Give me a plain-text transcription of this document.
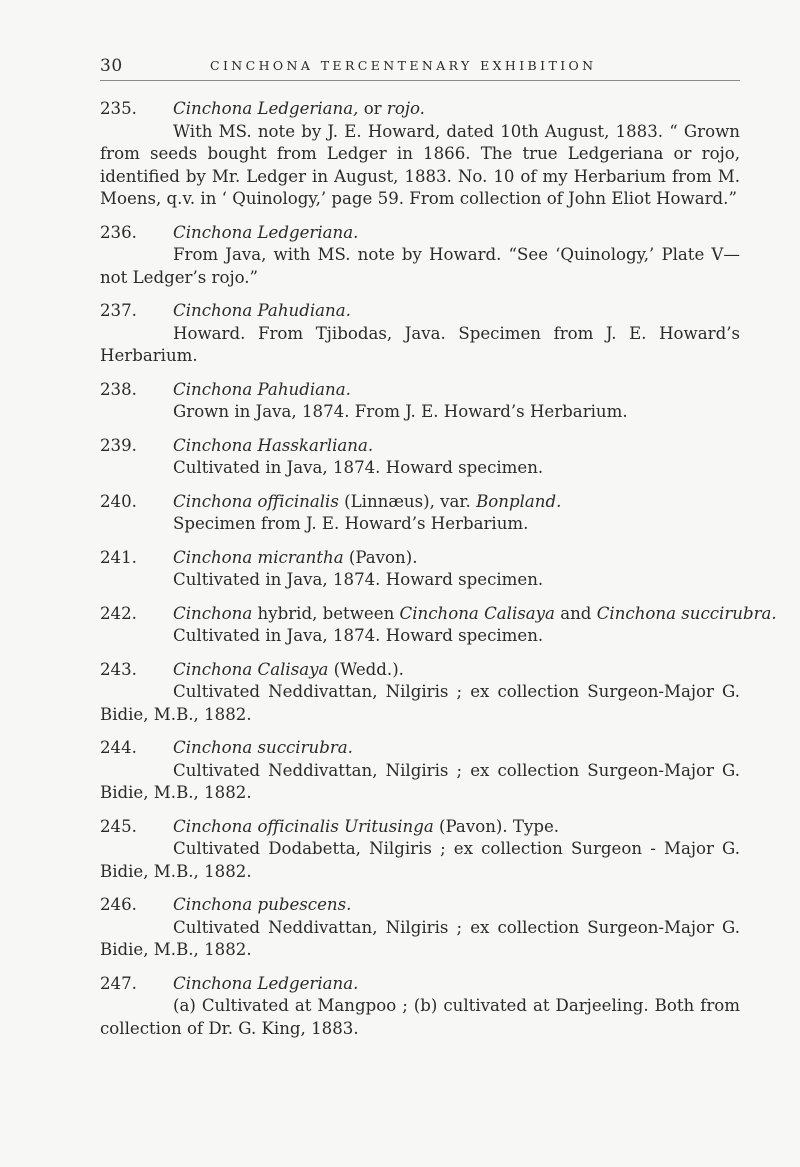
30	CINCHONA TERCENTENARY EXHIBITION
235.	Cinchona Ledgeriana, or rojo.

With MS. note by J. E. Howard, dated 10th August, 1883. “ Grown from seeds bought from Ledger in 1866. The true Ledgeriana or rojo, identified by Mr. Ledger in August, 1883. No. 10 of my Herbarium from M. Moens, q.v. in ‘ Quinology,’ page 59. From collection of John Eliot Howard.”

236.	Cinchona Ledgeriana.

From Java, with MS. note by Howard. “See ‘Quinology,’ Plate V—not Ledger’s rojo.”

237.	Cinchona Pahudiana.

Howard. From Tjibodas, Java. Specimen from J. E. Howard’s Herbarium.

238.	Cinchona Pahudiana.

Grown in Java, 1874. From J. E. Howard’s Herbarium.

239.	Cinchona Hasskarliana.

Cultivated in Java, 1874. Howard specimen.

240.	Cinchona officinalis (Linnæus), var. Bonpland.

Specimen from J. E. Howard’s Herbarium.

241.	Cinchona micrantha (Pavon).

Cultivated in Java, 1874. Howard specimen.

242.	Cinchona hybrid, between Cinchona Calisaya and Cinchona succirubra.

Cultivated in Java, 1874. Howard specimen.

243.	Cinchona Calisaya (Wedd.).

Cultivated Neddivattan, Nilgiris ; ex collection Surgeon-Major G. Bidie, M.B., 1882.

244.	Cinchona succirubra.

Cultivated Neddivattan, Nilgiris ; ex collection Surgeon-Major G. Bidie, M.B., 1882.

245.	Cinchona officinalis Uritusinga (Pavon). Type.

Cultivated Dodabetta, Nilgiris ; ex collection Surgeon - Major G. Bidie, M.B., 1882.

246.	Cinchona pubescens.

Cultivated Neddivattan, Nilgiris ; ex collection Surgeon-Major G. Bidie, M.B., 1882.

247.	Cinchona Ledgeriana.

(a) Cultivated at Mangpoo ; (b) cultivated at Darjeeling. Both from collection of Dr. G. King, 1883.
